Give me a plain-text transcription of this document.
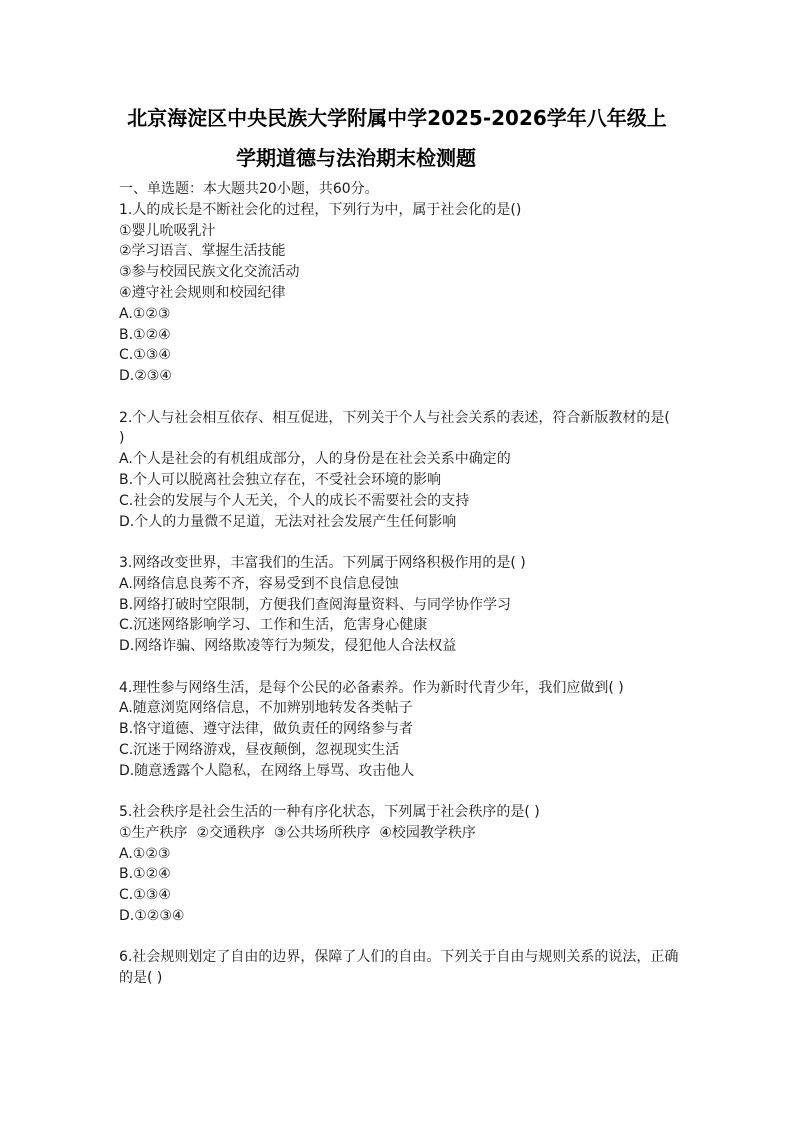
北京海淀区中央民族大学附属中学2025-2026学年八年级上
学期道德与法治期末检测题
一、单选题：本大题共20小题，共60分。
1.人的成长是不断社会化的过程，下列行为中，属于社会化的是()
①婴儿吮吸乳汁
②学习语言、掌握生活技能
③参与校园民族文化交流活动
④遵守社会规则和校园纪律
A.①②③
B.①②④
C.①③④
D.②③④
2.个人与社会相互依存、相互促进，下列关于个人与社会关系的表述，符合新版教材的是( )
A.个人是社会的有机组成部分，人的身份是在社会关系中确定的
B.个人可以脱离社会独立存在，不受社会环境的影响
C.社会的发展与个人无关，个人的成长不需要社会的支持
D.个人的力量微不足道，无法对社会发展产生任何影响
3.网络改变世界，丰富我们的生活。下列属于网络积极作用的是( )
A.网络信息良莠不齐，容易受到不良信息侵蚀
B.网络打破时空限制，方便我们查阅海量资料、与同学协作学习
C.沉迷网络影响学习、工作和生活，危害身心健康
D.网络诈骗、网络欺凌等行为频发，侵犯他人合法权益
4.理性参与网络生活，是每个公民的必备素养。作为新时代青少年，我们应做到( )
A.随意浏览网络信息，不加辨别地转发各类帖子
B.恪守道德、遵守法律，做负责任的网络参与者
C.沉迷于网络游戏，昼夜颠倒，忽视现实生活
D.随意透露个人隐私，在网络上辱骂、攻击他人
5.社会秩序是社会生活的一种有序化状态，下列属于社会秩序的是( )
①生产秩序  ②交通秩序  ③公共场所秩序  ④校园教学秩序
A.①②③
B.①②④
C.①③④
D.①②③④
6.社会规则划定了自由的边界，保障了人们的自由。下列关于自由与规则关系的说法，正确的是( )
